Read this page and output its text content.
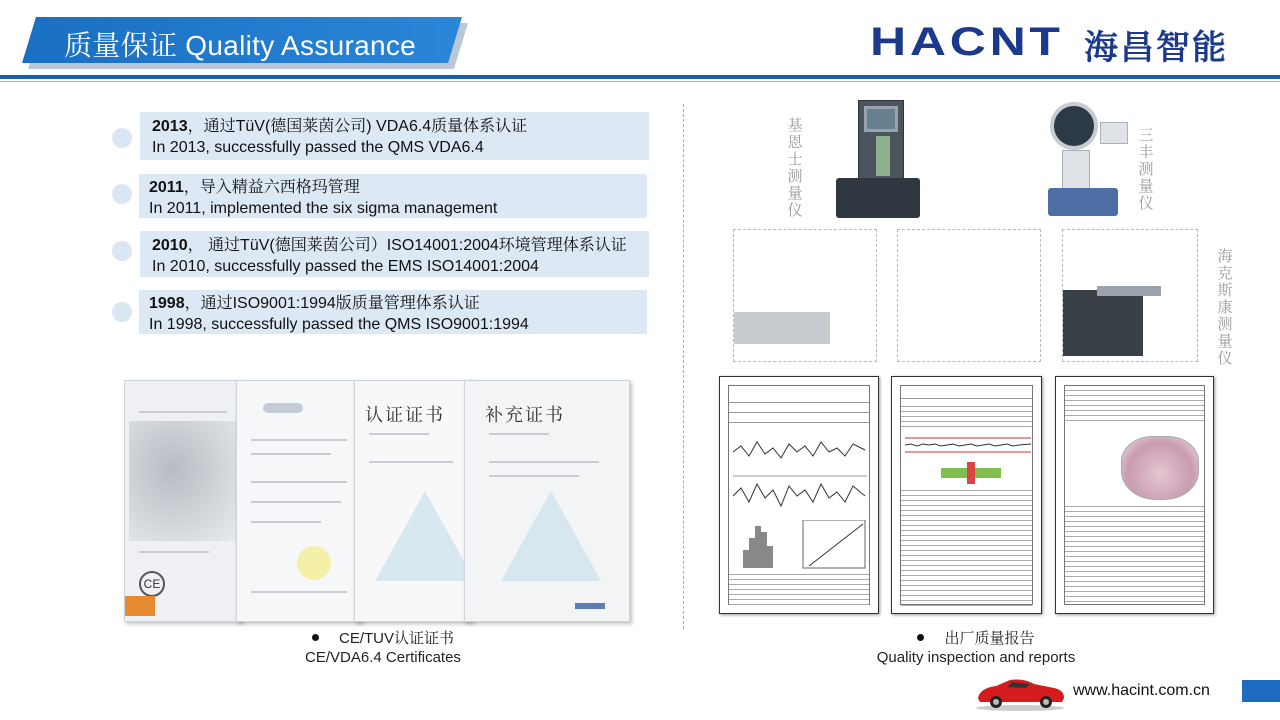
质量保证 Quality Assurance	HACNT 海昌智能
2013，通过TüV(德国莱茵公司) VDA6.4质量体系认证
In 2013, successfully passed the QMS VDA6.4
2011，导入精益六西格玛管理
In 2011, implemented the six sigma management
2010， 通过TüV(德国莱茵公司）ISO14001:2004环境管理体系认证
In 2010, successfully passed the EMS ISO14001:2004
1998，通过ISO9001:1994版质量管理体系认证
In 1998, successfully passed the QMS ISO9001:1994
CE
认证证书 补充证书
CE/TUV认证证书
CE/VDA6.4 Certificates
基恩士测量仪
三丰测量仪
海克斯康测量仪
出厂质量报告
Quality inspection and reports
www.hacint.com.cn
